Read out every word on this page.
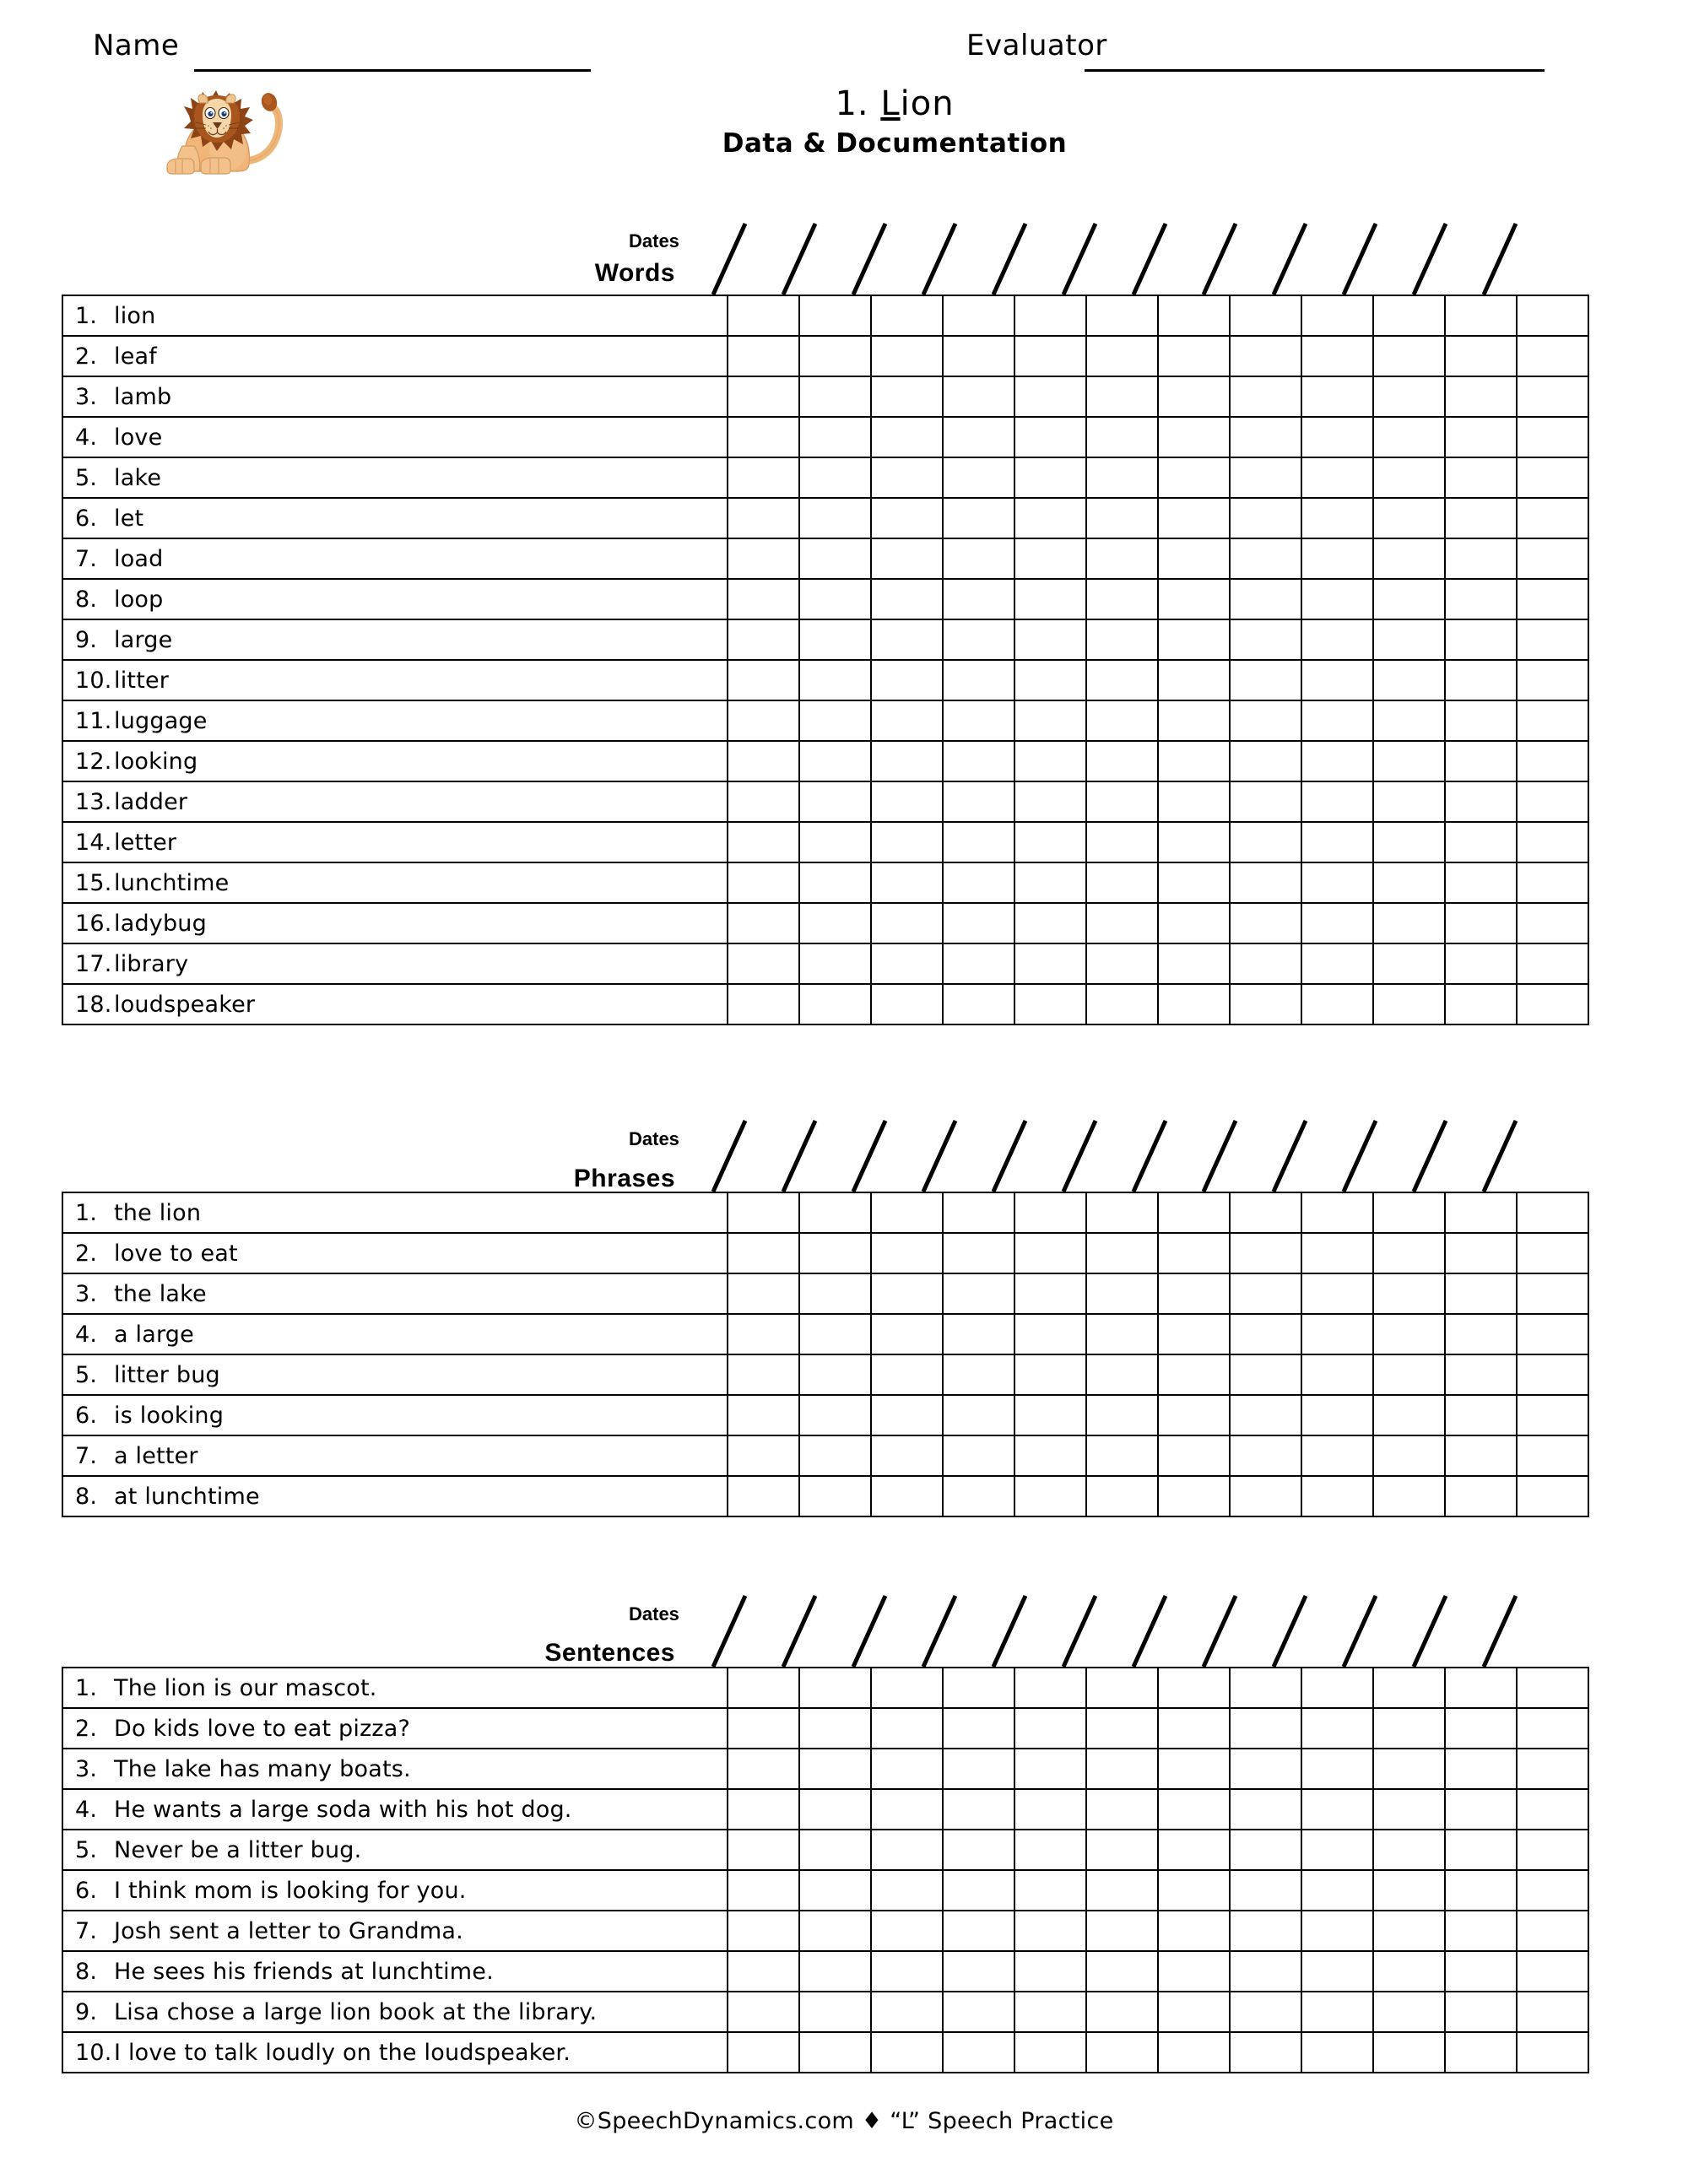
Name	Evaluator
1. Lion
Data & Documentation
Dates
Words
1. lion												
2. leaf												
3. lamb												
4. love												
5. lake												
6. let												
7. load												
8. loop												
9. large												
10.litter												
11.luggage												
12.looking												
13.ladder												
14.letter												
15.lunchtime												
16.ladybug												
17.library												
18.loudspeaker												
Dates
Phrases
1. the lion												
2. love to eat												
3. the lake												
4. a large												
5. litter bug												
6. is looking												
7. a letter												
8. at lunchtime												
Dates
Sentences
1. The lion is our mascot.												
2. Do kids love to eat pizza?												
3. The lake has many boats.												
4. He wants a large soda with his hot dog.												
5. Never be a litter bug.												
6. I think mom is looking for you.												
7. Josh sent a letter to Grandma.												
8. He sees his friends at lunchtime.												
9. Lisa chose a large lion book at the library.												
10.I love to talk loudly on the loudspeaker.												
©SpeechDynamics.com ♦ “L” Speech Practice
